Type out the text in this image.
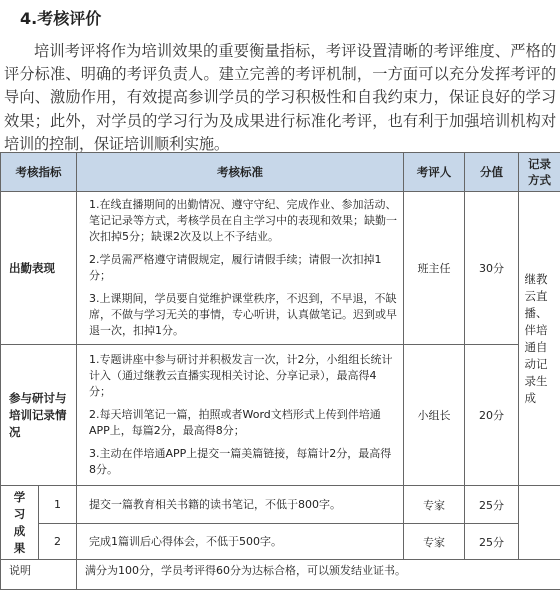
4.考核评价
培训考评将作为培训效果的重要衡量指标，考评设置清晰的考评维度、严格的评分标准、明确的考评负责人。建立完善的考评机制，一方面可以充分发挥考评的导向、激励作用，有效提高参训学员的学习积极性和自我约束力，保证良好的学习效果；此外，对学员的学习行为及成果进行标准化考评，也有利于加强培训机构对培训的控制，保证培训顺利实施。
考核指标		考核标准	考评人	分值	记录方式

出勤表现		1.在线直播期间的出勤情况、遵守守纪、完成作业、参加活动、笔记记录等方式，考核学员在自主学习中的表现和效果；缺勤一次扣掉5分；缺课2次及以上不予结业。

2.学员需严格遵守请假规定，履行请假手续；请假一次扣掉1分；

3.上课期间，学员要自觉维护课堂秩序，不迟到，不早退，不缺席，不做与学习无关的事情，专心听讲，认真做笔记。迟到或早退一次，扣掉1分。	班主任	30分	继教云直播、伴培通自动记录生成

参与研讨与培训记录情况		1.专题讲座中参与研讨并积极发言一次，计2分，小组组长统计计入（通过继教云直播实现相关讨论、分享记录），最高得4分；

2.每天培训笔记一篇，拍照或者Word文档形式上传到伴培通APP上，每篇2分，最高得8分；

3.主动在伴培通APP上提交一篇美篇链接，每篇计2分，最高得8分。	小组长	20分	

学习成果	1	提交一篇教育相关书籍的读书笔记，不低于800字。	专家	25分	
	2	完成1篇训后心得体会，不低于500字。	专家	25分	
说明		满分为100分，学员考评得60分为达标合格，可以颁发结业证书。			
